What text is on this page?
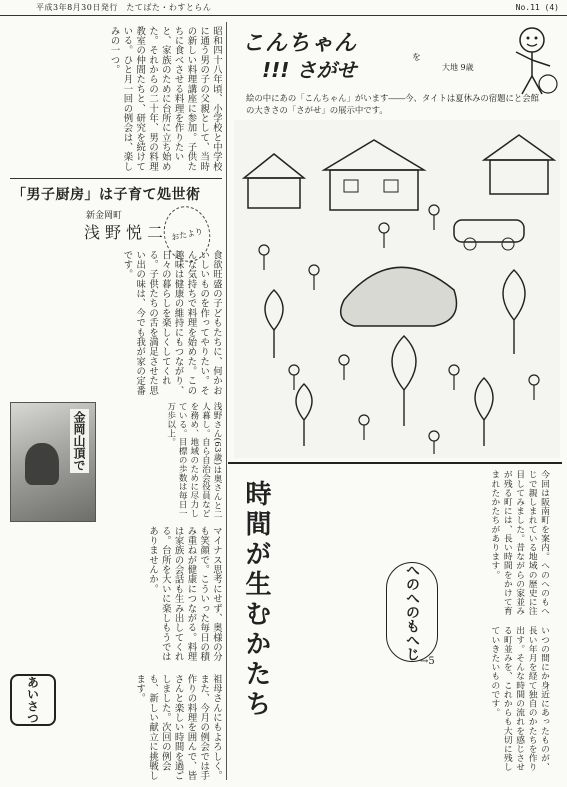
平成3年8月30日発行　たてばた・わすとらん	No.11 (4)
昭和四十八年頃、小学校と中学校に通う男の子の父親として、当時の新しい料理講座に参加。子供たちに食べさせる料理を作りたいと、家族のために台所に立ち始めた。それからの二十年、男の料理教室の仲間たちと、研究を続けている。ひと月一回の例会は、楽しみの一つ。
「男子厨房」は子育て処世術
新金岡町
浅野悦二 おたより
食欲旺盛の子どもたちに、何かおいしいものを作ってやりたい。そんな気持ちで料理を始めた。この趣味は健康の維持にもつながり、日々の暮らしを楽しくしてくれる。子供たちの舌を満足させた思い出の味は、今でも我が家の定番です。
金岡山頂で	浅野さん(63歳)は奥さんと二人暮し。自ら自治会役員などを務め、地域のために尽力している。目標の歩数は毎日一万歩以上。
マイナス思考にせず、奥様の分も笑顔で。こういった毎日の積み重ねが健康につながる。料理は家族の会話も生み出してくれる。台所を大いに楽しもうではありませんか。
あいさつ	祖母さんにもよろしく。また、今月の例会では手作りの料理を囲んで、皆さんと楽しい時間を過ごしました。次回の例会も、新しい献立に挑戦します。
こんちゃん
!!! さがせ
を
大地 9歳
絵の中にあの「こんちゃん」がいます――今、タイトは夏休みの宿題にと会館の大きさの「さがせ」の展示中です。
時間が生むかたち	今回は阪南町を案内。へのへのもへじで親しまれている地域の歴史に注目してみました。昔ながらの家並みが残る町には、長い時間をかけて育まれたかたちがあります。
へのへのもへじ
→5	いつの間にか身近にあったものが、長い年月を経て独自のかたちを作り出す。そんな時間の流れを感じさせる町並みを、これからも大切に残していきたいものです。
